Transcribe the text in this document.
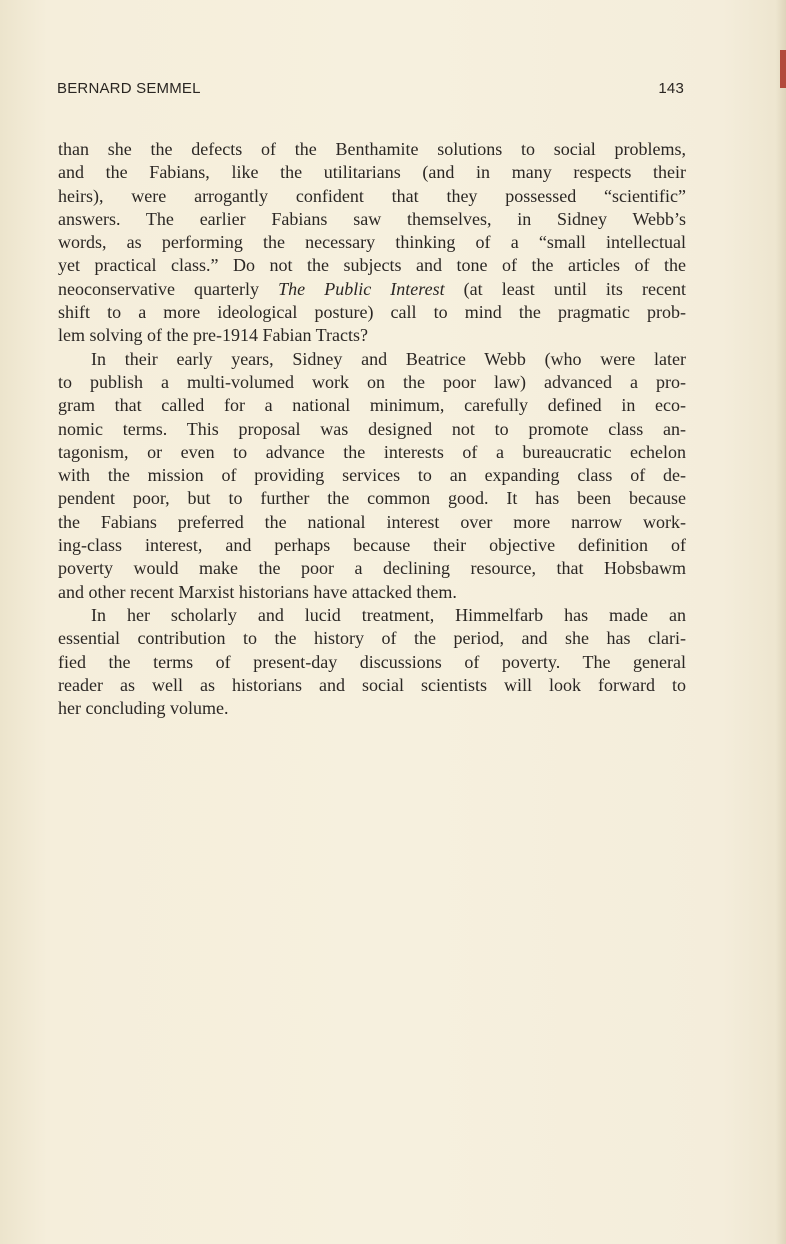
BERNARD SEMMEL	143

than she the defects of the Benthamite solutions to social problems,
and the Fabians, like the utilitarians (and in many respects their
heirs), were arrogantly confident that they possessed “scientific”
answers. The earlier Fabians saw themselves, in Sidney Webb’s
words, as performing the necessary thinking of a “small intellectual
yet practical class.” Do not the subjects and tone of the articles of the
neoconservative quarterly The Public Interest (at least until its recent
shift to a more ideological posture) call to mind the pragmatic prob-
lem solving of the pre-1914 Fabian Tracts?

In their early years, Sidney and Beatrice Webb (who were later
to publish a multi-volumed work on the poor law) advanced a pro-
gram that called for a national minimum, carefully defined in eco-
nomic terms. This proposal was designed not to promote class an-
tagonism, or even to advance the interests of a bureaucratic echelon
with the mission of providing services to an expanding class of de-
pendent poor, but to further the common good. It has been because
the Fabians preferred the national interest over more narrow work-
ing-class interest, and perhaps because their objective definition of
poverty would make the poor a declining resource, that Hobsbawm
and other recent Marxist historians have attacked them.

In her scholarly and lucid treatment, Himmelfarb has made an
essential contribution to the history of the period, and she has clari-
fied the terms of present-day discussions of poverty. The general
reader as well as historians and social scientists will look forward to
her concluding volume.
